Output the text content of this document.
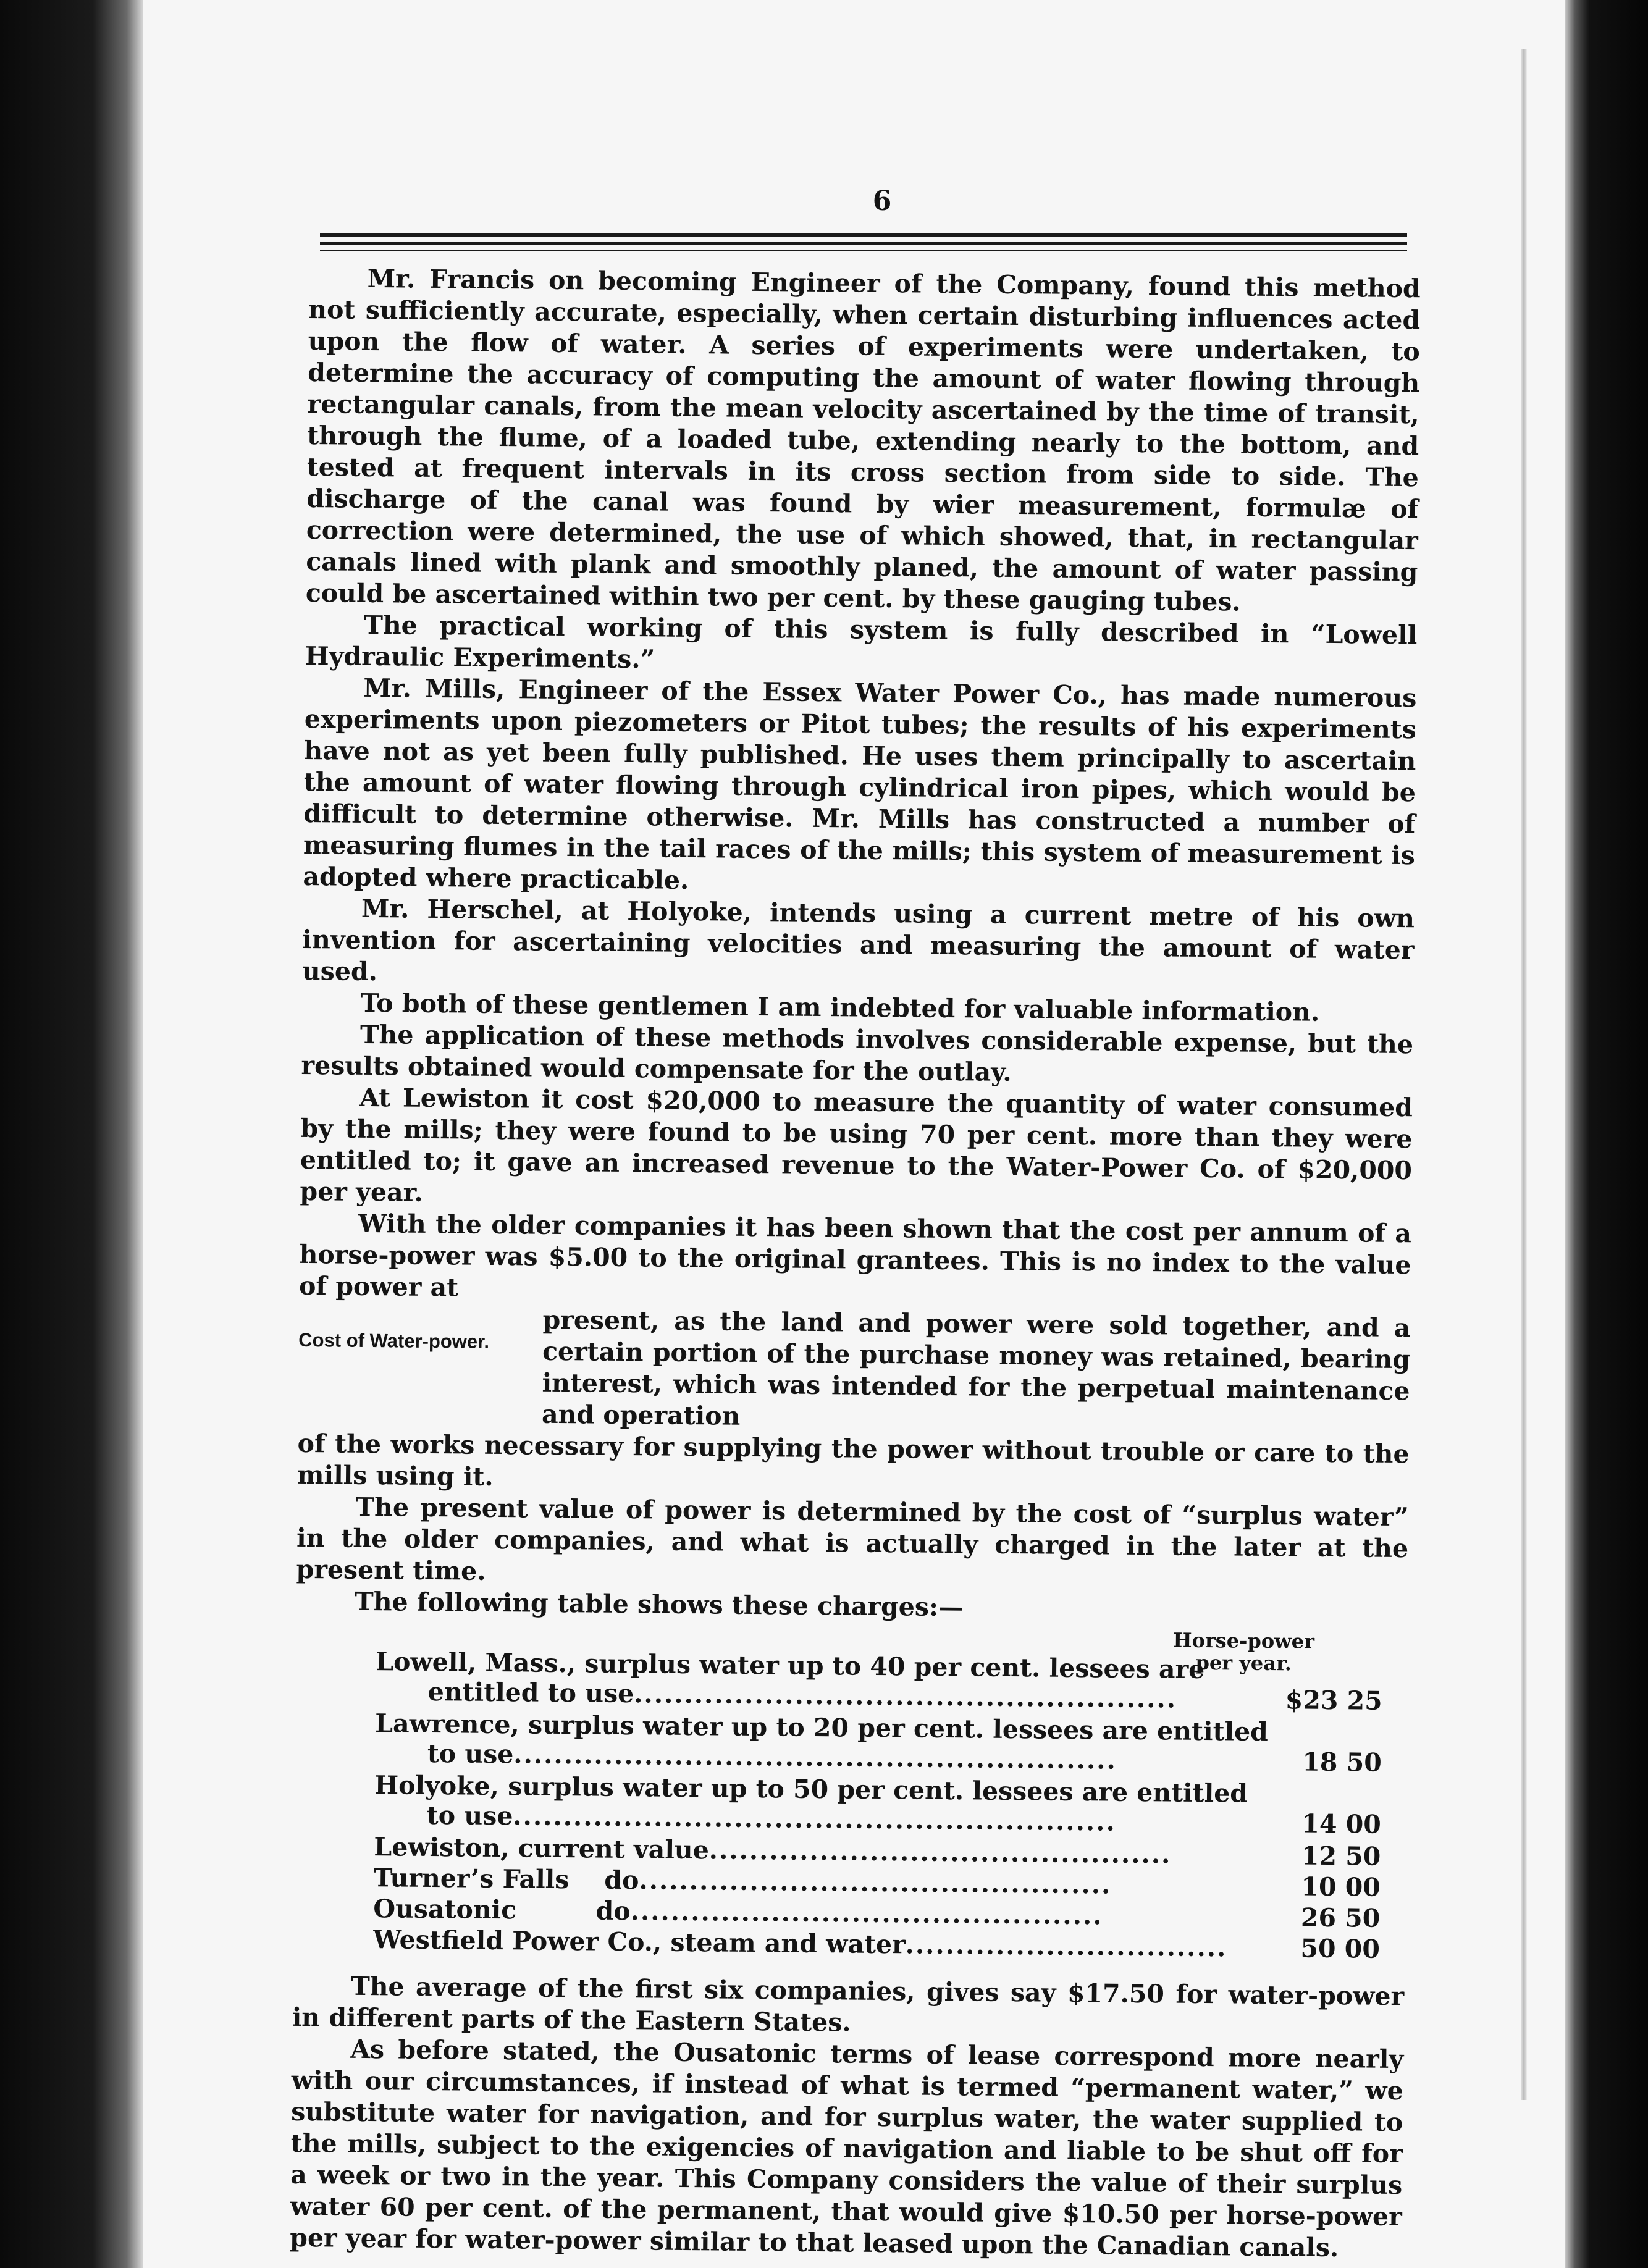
6

Mr. Francis on becoming Engineer of the Company, found this method not sufficiently accurate, especially, when certain disturbing influences acted upon the flow of water. A series of experiments were undertaken, to determine the accuracy of computing the amount of water flowing through rectangular canals, from the mean velocity ascertained by the time of transit, through the flume, of a loaded tube, extending nearly to the bottom, and tested at frequent intervals in its cross section from side to side. The discharge of the canal was found by wier measurement, formulæ of correction were determined, the use of which showed, that, in rectangular canals lined with plank and smoothly planed, the amount of water passing could be ascertained within two per cent. by these gauging tubes.

The practical working of this system is fully described in “Lowell Hydraulic Experiments.”

Mr. Mills, Engineer of the Essex Water Power Co., has made numerous experiments upon piezometers or Pitot tubes; the results of his experiments have not as yet been fully published. He uses them principally to ascertain the amount of water flowing through cylindrical iron pipes, which would be difficult to determine otherwise. Mr. Mills has constructed a number of measuring flumes in the tail races of the mills; this system of measurement is adopted where practicable.

Mr. Herschel, at Holyoke, intends using a current metre of his own invention for ascertaining velocities and measuring the amount of water used.

To both of these gentlemen I am indebted for valuable information.

The application of these methods involves considerable expense, but the results obtained would compensate for the outlay.

At Lewiston it cost $20,000 to measure the quantity of water consumed by the mills; they were found to be using 70 per cent. more than they were entitled to; it gave an increased revenue to the Water-Power Co. of $20,000 per year.

With the older companies it has been shown that the cost per annum of a horse-power was $5.00 to the original grantees. This is no index to the value of power at

Cost of Water-power.	present, as the land and power were sold together, and a certain portion of the purchase money was retained, bearing interest, which was intended for the perpetual maintenance and operation

of the works necessary for supplying the power without trouble or care to the mills using it.

The present value of power is determined by the cost of “surplus water” in the older companies, and what is actually charged in the later at the present time.

The following table shows these charges:—

Horse-power
per year.
Lowell, Mass., surplus water up to 40 per cent. lessees are
entitled to use......................................................	$23 25
Lawrence, surplus water up to 20 per cent. lessees are entitled
to use............................................................	18 50
Holyoke, surplus water up to 50 per cent. lessees are entitled
to use............................................................	14 00
Lewiston, current value..............................................	12 50
Turner’s Falls    do...............................................	10 00
Ousatonic         do...............................................	26 50
Westfield Power Co., steam and water................................	50 00

The average of the first six companies, gives say $17.50 for water-power in different parts of the Eastern States.

As before stated, the Ousatonic terms of lease correspond more nearly with our circumstances, if instead of what is termed “permanent water,” we substitute water for navigation, and for surplus water, the water supplied to the mills, subject to the exigencies of navigation and liable to be shut off for a week or two in the year. This Company considers the value of their surplus water 60 per cent. of the permanent, that would give $10.50 per horse-power per year for water-power similar to that leased upon the Canadian canals.
